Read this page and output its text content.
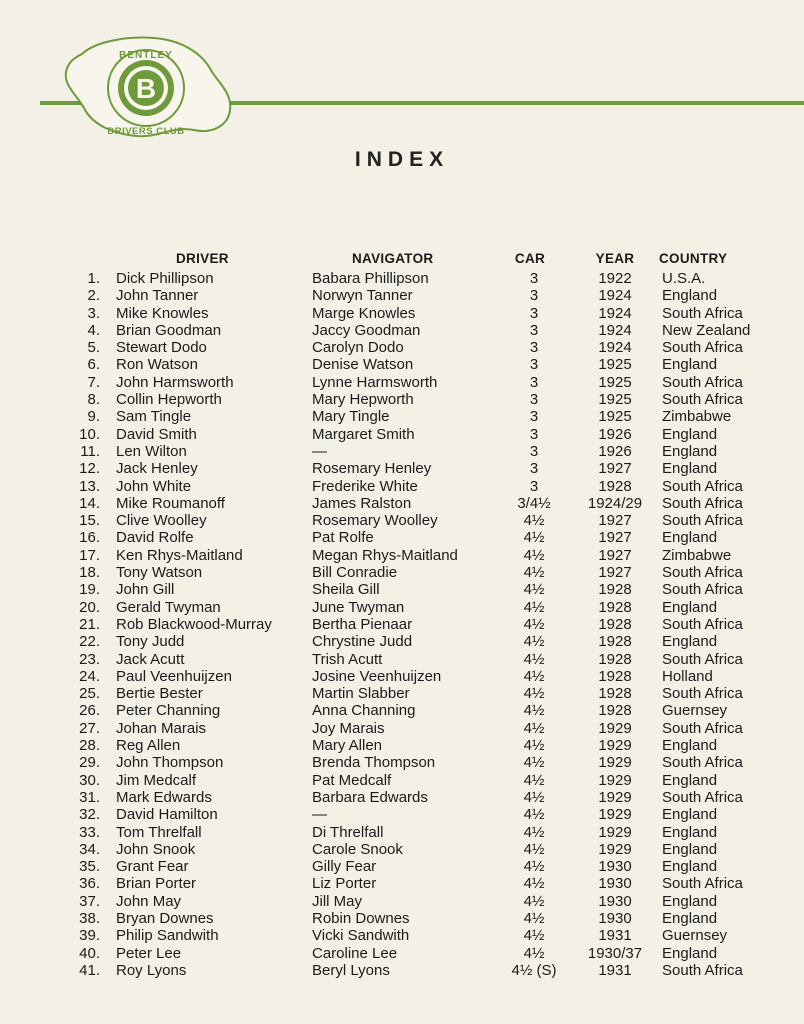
B
BENTLEY
DRIVERS CLUB
INDEX
DRIVER	NAVIGATOR	CAR	YEAR	COUNTRY
1. Dick Phillipson	Babara Phillipson	3	1922	U.S.A.
2. John Tanner	Norwyn Tanner	3	1924	England
3. Mike Knowles	Marge Knowles	3	1924	South Africa
4. Brian Goodman	Jaccy Goodman	3	1924	New Zealand
5. Stewart Dodo	Carolyn Dodo	3	1924	South Africa
6. Ron Watson	Denise Watson	3	1925	England
7. John Harmsworth	Lynne Harmsworth	3	1925	South Africa
8. Collin Hepworth	Mary Hepworth	3	1925	South Africa
9. Sam Tingle	Mary Tingle	3	1925	Zimbabwe
10. David Smith	Margaret Smith	3	1926	England
11. Len Wilton	—	3	1926	England
12. Jack Henley	Rosemary Henley	3	1927	England
13. John White	Frederike White	3	1928	South Africa
14. Mike Roumanoff	James Ralston	3/4½	1924/29	South Africa
15. Clive Woolley	Rosemary Woolley	4½	1927	South Africa
16. David Rolfe	Pat Rolfe	4½	1927	England
17. Ken Rhys-Maitland	Megan Rhys-Maitland	4½	1927	Zimbabwe
18. Tony Watson	Bill Conradie	4½	1927	South Africa
19. John Gill	Sheila Gill	4½	1928	South Africa
20. Gerald Twyman	June Twyman	4½	1928	England
21. Rob Blackwood-Murray	Bertha Pienaar	4½	1928	South Africa
22. Tony Judd	Chrystine Judd	4½	1928	England
23. Jack Acutt	Trish Acutt	4½	1928	South Africa
24. Paul Veenhuijzen	Josine Veenhuijzen	4½	1928	Holland
25. Bertie Bester	Martin Slabber	4½	1928	South Africa
26. Peter Channing	Anna Channing	4½	1928	Guernsey
27. Johan Marais	Joy Marais	4½	1929	South Africa
28. Reg Allen	Mary Allen	4½	1929	England
29. John Thompson	Brenda Thompson	4½	1929	South Africa
30. Jim Medcalf	Pat Medcalf	4½	1929	England
31. Mark Edwards	Barbara Edwards	4½	1929	South Africa
32. David Hamilton	—	4½	1929	England
33. Tom Threlfall	Di Threlfall	4½	1929	England
34. John Snook	Carole Snook	4½	1929	England
35. Grant Fear	Gilly Fear	4½	1930	England
36. Brian Porter	Liz Porter	4½	1930	South Africa
37. John May	Jill May	4½	1930	England
38. Bryan Downes	Robin Downes	4½	1930	England
39. Philip Sandwith	Vicki Sandwith	4½	1931	Guernsey
40. Peter Lee	Caroline Lee	4½	1930/37	England
41. Roy Lyons	Beryl Lyons	4½ (S)	1931	South Africa
